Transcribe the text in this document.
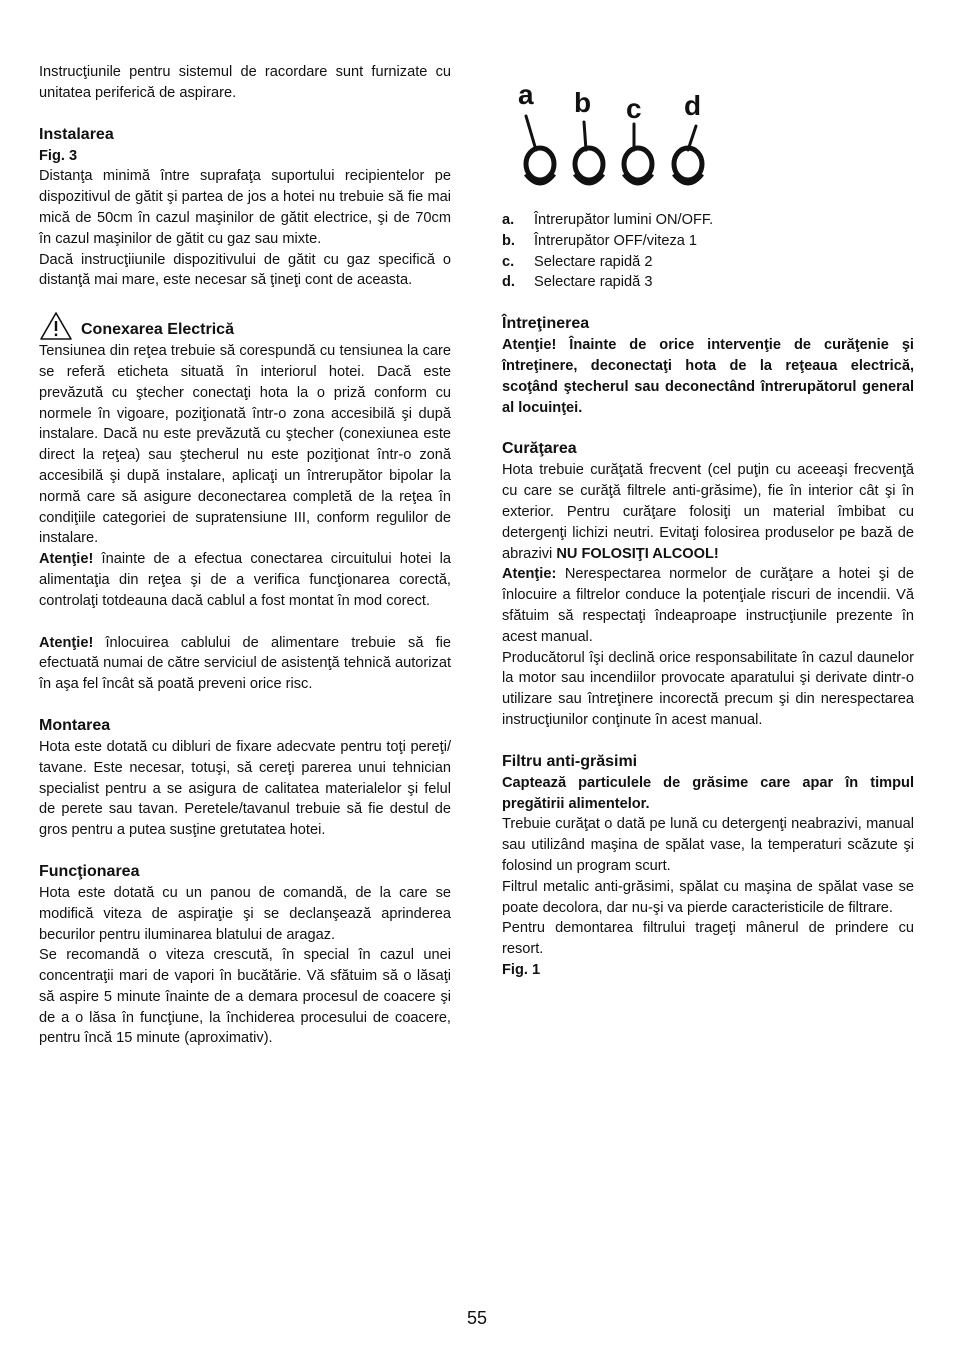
Instrucţiunile pentru sistemul de racordare sunt furnizate cu unitatea periferică de aspirare.

Instalarea

Fig. 3

Distanţa minimă între suprafaţa suportului recipientelor pe dispozitivul de gătit şi partea de jos a hotei nu trebuie să fie mai mică de 50cm în cazul maşinilor de gătit electrice, şi de 70cm în cazul maşinilor de gătit cu gaz sau mixte.

Dacă instrucţiiunile dispozitivului de gătit cu gaz specifică o distanţă mai mare, este necesar să ţineţi cont de aceasta.

Conexarea Electrică

Tensiunea din reţea trebuie să corespundă cu tensiunea la care se referă eticheta situată în interiorul hotei. Dacă este prevăzută cu ştecher conectaţi hota la o priză conform cu normele în vigoare, poziţionată într-o zona accesibilă şi după instalare. Dacă nu este prevăzută cu ştecher (conexiunea este direct la reţea) sau ştecherul nu este poziţionat într-o zonă accesibilă şi după instalare, aplicaţi un întrerupător bipolar la normă care să asigure deconectarea completă de la reţea în condiţiile categoriei de supratensiune III, conform regulilor de instalare.

Atenţie! înainte de a efectua conectarea circuitului hotei la alimentaţia din reţea şi de a verifica funcţionarea corectă, controlaţi totdeauna dacă cablul a fost montat în mod corect.

Atenţie! înlocuirea cablului de alimentare trebuie să fie efectuată numai de către serviciul de asistenţă tehnică autorizat în aşa fel încât să poată preveni orice risc.

Montarea

Hota este dotată cu dibluri de fixare adecvate pentru toţi pereţi/ tavane. Este necesar, totuşi, să cereţi parerea unui tehnician specialist pentru a se asigura de calitatea materialelor şi felul de perete sau tavan. Peretele/tavanul trebuie să fie destul de gros pentru a putea susţine gretutatea hotei.

Funcţionarea

Hota este dotată cu un panou de comandă, de la care se modifică viteza de aspiraţie şi se declanşează aprinderea becurilor pentru iluminarea blatului de aragaz.

Se recomandă o viteza crescută, în special în cazul unei concentraţii mari de vapori în bucătărie. Vă sfătuim să o lăsaţi să aspire 5 minute înainte de a demara procesul de coacere şi de a o lăsa în funcţiune, la închiderea procesului de coacere, pentru încă 15 minute (aproximativ).

a b c d
a.	Întrerupător lumini ON/OFF.
b.	Întrerupător OFF/viteza 1
c.	Selectare rapidă 2
d.	Selectare rapidă 3
Întreţinerea

Atenţie! Înainte de orice intervenţie de curăţenie şi întreţinere, deconectaţi hota de la reţeaua electrică, scoţând ştecherul sau deconectând întrerupătorul general al locuinţei.

Curăţarea

Hota trebuie curăţată frecvent (cel puţin cu aceeaşi frecvenţă cu care se curăţă filtrele anti-grăsime), fie în interior cât şi în exterior. Pentru curăţare folosiţi un material îmbibat cu detergenţi lichizi neutri. Evitaţi folosirea produselor pe bază de abrazivi NU FOLOSIŢI ALCOOL!

Atenţie: Nerespectarea normelor de curăţare a hotei şi de înlocuire a filtrelor conduce la potenţiale riscuri de incendii. Vă sfătuim să respectaţi îndeaproape instrucţiunile prezente în acest manual.

Producătorul îşi declină orice responsabilitate în cazul daunelor la motor sau incendiilor provocate aparatului şi derivate dintr-o utilizare sau întreţinere incorectă precum şi din nerespectarea instrucţiunilor conţinute în acest manual.

Filtru anti-grăsimi

Captează particulele de grăsime care apar în timpul pregătirii alimentelor.

Trebuie curăţat o dată pe lună cu detergenţi neabrazivi, manual sau utilizând maşina de spălat vase, la temperaturi scăzute şi folosind un program scurt.

Filtrul metalic anti-grăsimi, spălat cu maşina de spălat vase se poate decolora, dar nu-şi va pierde caracteristicile de filtrare.

Pentru demontarea filtrului trageţi mânerul de prindere cu resort.

Fig. 1

55
